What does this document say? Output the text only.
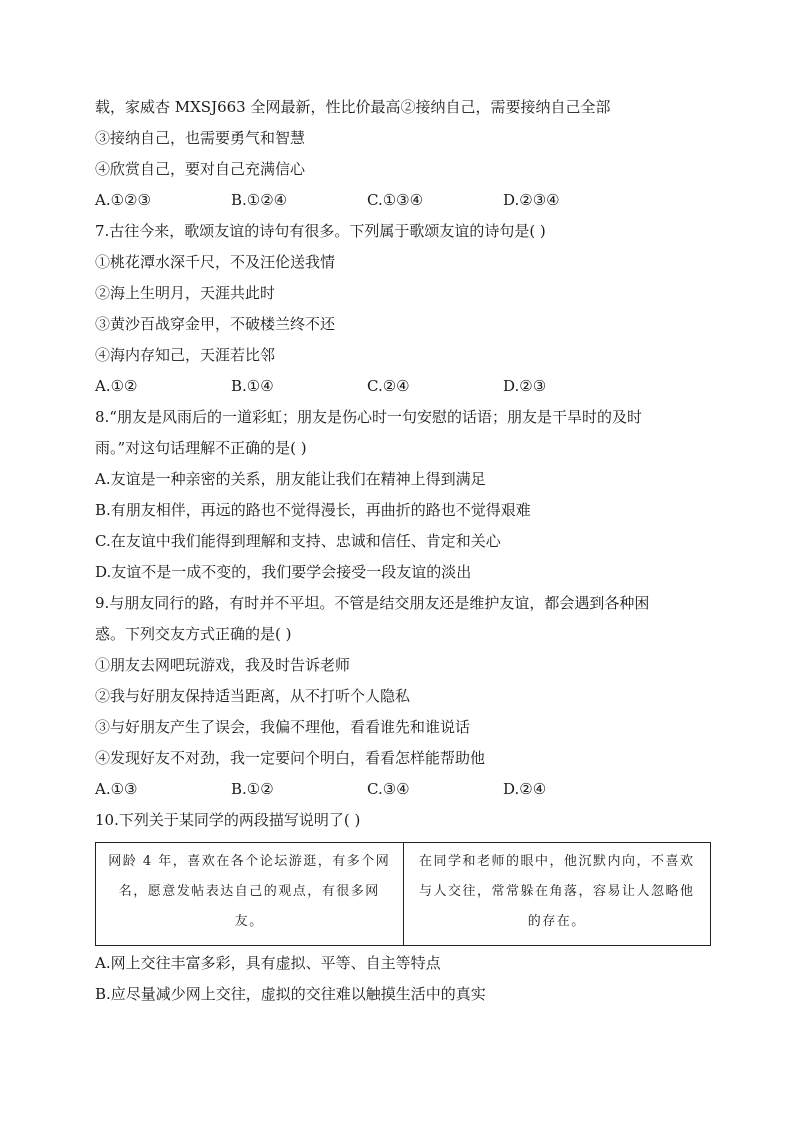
载，家威杏 MXSJ663 全网最新，性比价最高②接纳自己，需要接纳自己全部
③接纳自己，也需要勇气和智慧
④欣赏自己，要对自己充满信心
A.①②③	B.①②④	C.①③④	D.②③④
7.古往今来，歌颂友谊的诗句有很多。下列属于歌颂友谊的诗句是( )
①桃花潭水深千尺，不及汪伦送我情
②海上生明月，天涯共此时
③黄沙百战穿金甲，不破楼兰终不还
④海内存知己，天涯若比邻
A.①②	B.①④	C.②④	D.②③
8.“朋友是风雨后的一道彩虹；朋友是伤心时一句安慰的话语；朋友是干旱时的及时
雨。”对这句话理解不正确的是( )
A.友谊是一种亲密的关系，朋友能让我们在精神上得到满足
B.有朋友相伴，再远的路也不觉得漫长，再曲折的路也不觉得艰难
C.在友谊中我们能得到理解和支持、忠诚和信任、肯定和关心
D.友谊不是一成不变的，我们要学会接受一段友谊的淡出
9.与朋友同行的路，有时并不平坦。不管是结交朋友还是维护友谊，都会遇到各种困
惑。下列交友方式正确的是( )
①朋友去网吧玩游戏，我及时告诉老师
②我与好朋友保持适当距离，从不打听个人隐私
③与好朋友产生了误会，我偏不理他，看看谁先和谁说话
④发现好友不对劲，我一定要问个明白，看看怎样能帮助他
A.①③	B.①②	C.③④	D.②④
10.下列关于某同学的两段描写说明了( )
网龄 4 年，喜欢在各个论坛游逛，有多个网名，愿意发帖表达自己的观点，有很多网友。	在同学和老师的眼中，他沉默内向，不喜欢与人交往，常常躲在角落，容易让人忽略他的存在。
A.网上交往丰富多彩，具有虚拟、平等、自主等特点
B.应尽量减少网上交往，虚拟的交往难以触摸生活中的真实
